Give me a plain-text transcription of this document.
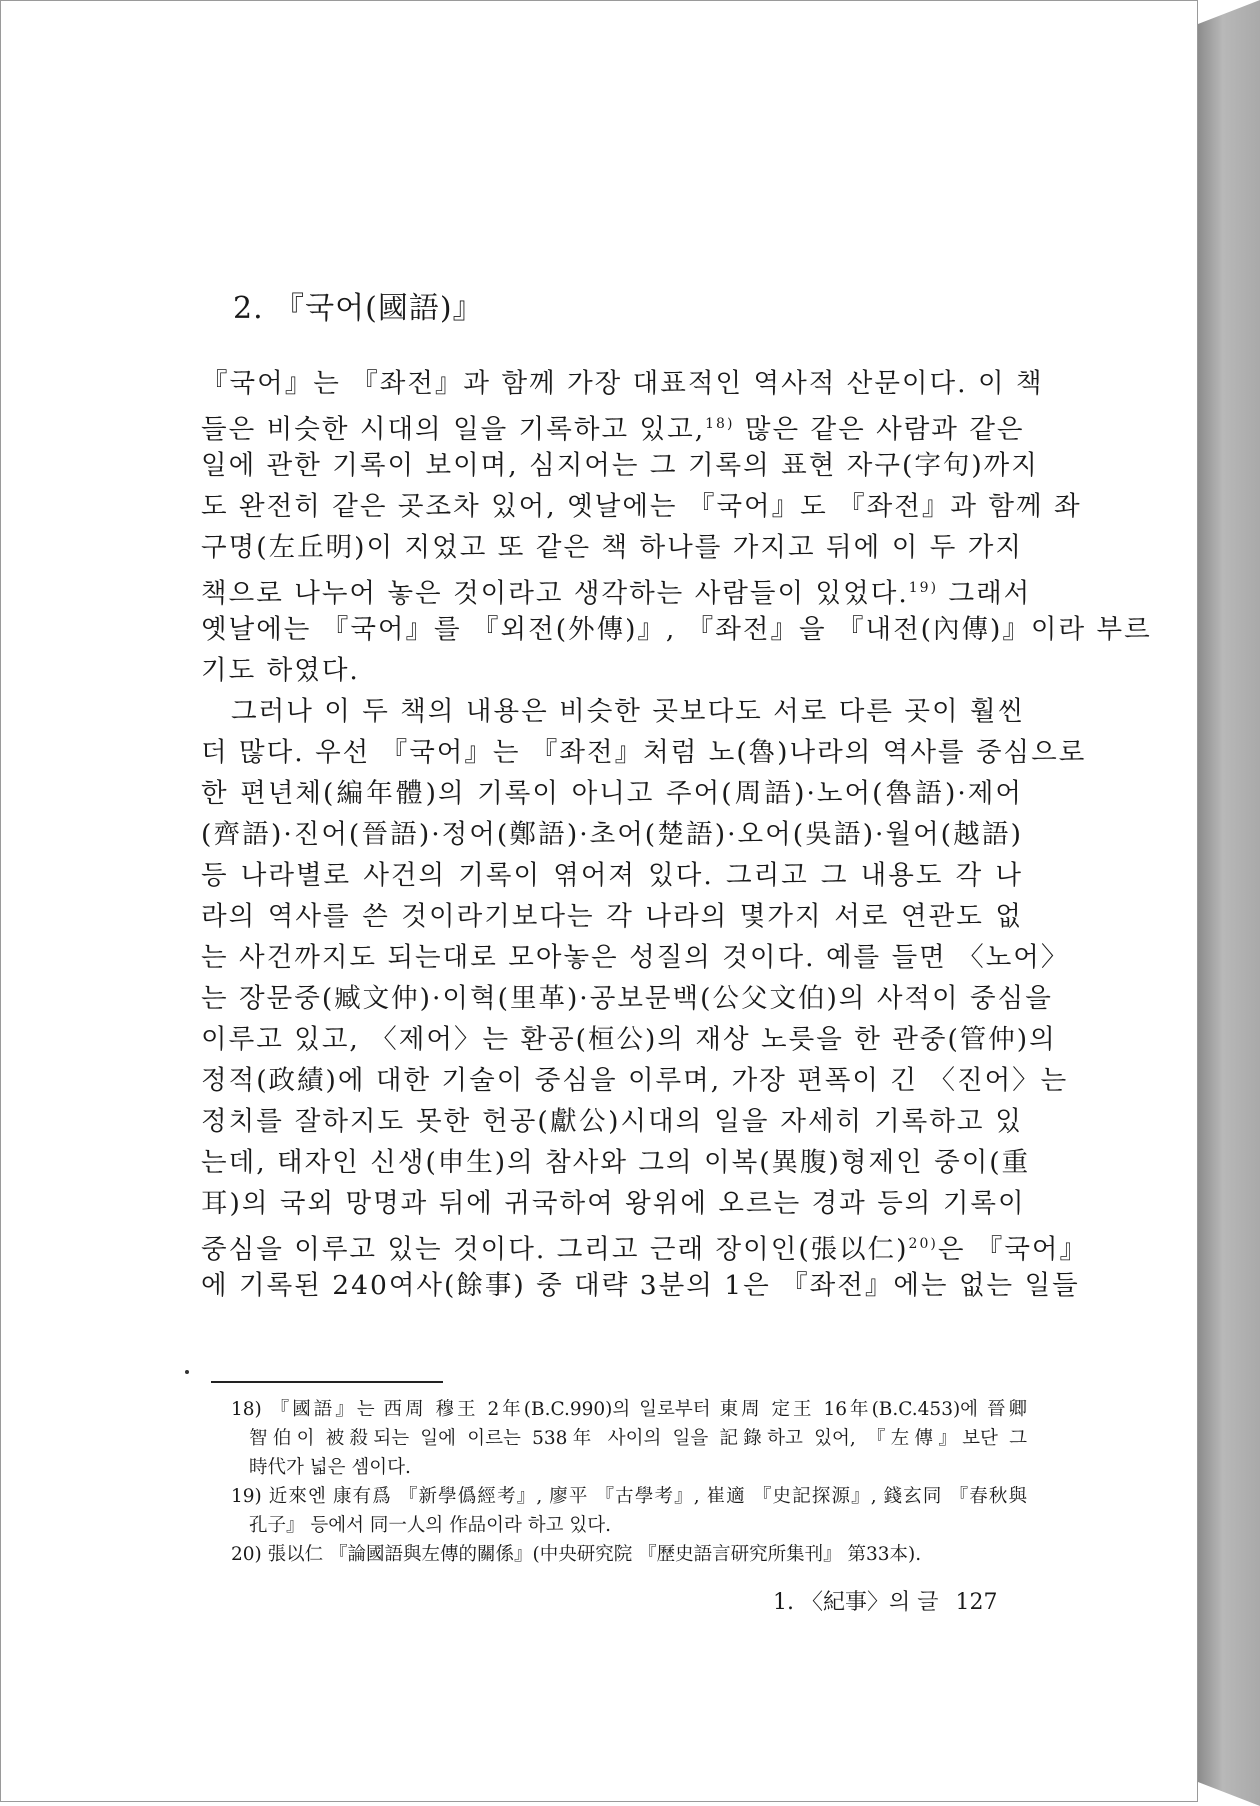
2. 『국어(國語)』
『국어』는 『좌전』과 함께 가장 대표적인 역사적 산문이다. 이 책
들은 비슷한 시대의 일을 기록하고 있고,$^{18)}$ 많은 같은 사람과 같은
일에 관한 기록이 보이며, 심지어는 그 기록의 표현 자구(字句)까지
도 완전히 같은 곳조차 있어, 옛날에는 『국어』도 『좌전』과 함께 좌
구명(左丘明)이 지었고 또 같은 책 하나를 가지고 뒤에 이 두 가지
책으로 나누어 놓은 것이라고 생각하는 사람들이 있었다.$^{19)}$ 그래서
옛날에는 『국어』를 『외전(外傳)』, 『좌전』을 『내전(內傳)』이라 부르
기도 하였다.
그러나 이 두 책의 내용은 비슷한 곳보다도 서로 다른 곳이 훨씬
더 많다. 우선 『국어』는 『좌전』처럼 노(魯)나라의 역사를 중심으로
한 편년체(編年體)의 기록이 아니고 주어(周語)·노어(魯語)·제어
(齊語)·진어(晉語)·정어(鄭語)·초어(楚語)·오어(吳語)·월어(越語)
등 나라별로 사건의 기록이 엮어져 있다. 그리고 그 내용도 각 나
라의 역사를 쓴 것이라기보다는 각 나라의 몇가지 서로 연관도 없
는 사건까지도 되는대로 모아놓은 성질의 것이다. 예를 들면 〈노어〉
는 장문중(臧文仲)·이혁(里革)·공보문백(公父文伯)의 사적이 중심을
이루고 있고, 〈제어〉는 환공(桓公)의 재상 노릇을 한 관중(管仲)의
정적(政績)에 대한 기술이 중심을 이루며, 가장 편폭이 긴 〈진어〉는
정치를 잘하지도 못한 헌공(獻公)시대의 일을 자세히 기록하고 있
는데, 태자인 신생(申生)의 참사와 그의 이복(異腹)형제인 중이(重
耳)의 국외 망명과 뒤에 귀국하여 왕위에 오르는 경과 등의 기록이
중심을 이루고 있는 것이다. 그리고 근래 장이인(張以仁)$^{20)}$은 『국어』
에 기록된 240여사(餘事) 중 대략 3분의 1은 『좌전』에는 없는 일들
18) 『國語』는 西周 穆王 2年(B.C.990)의 일로부터 東周 定王 16年(B.C.453)에 晉卿
智伯이 被殺되는 일에 이르는 538年 사이의 일을 記錄하고 있어, 『左傳』보단 그
時代가 넓은 셈이다.
19) 近來엔 康有爲 『新學僞經考』, 廖平 『古學考』, 崔適 『史記探源』, 錢玄同 『春秋與
孔子』 등에서 同一人의 作品이라 하고 있다.
20) 張以仁 『論國語與左傳的關係』(中央研究院 『歷史語言研究所集刊』 第33本).
1. 〈紀事〉의 글 127
